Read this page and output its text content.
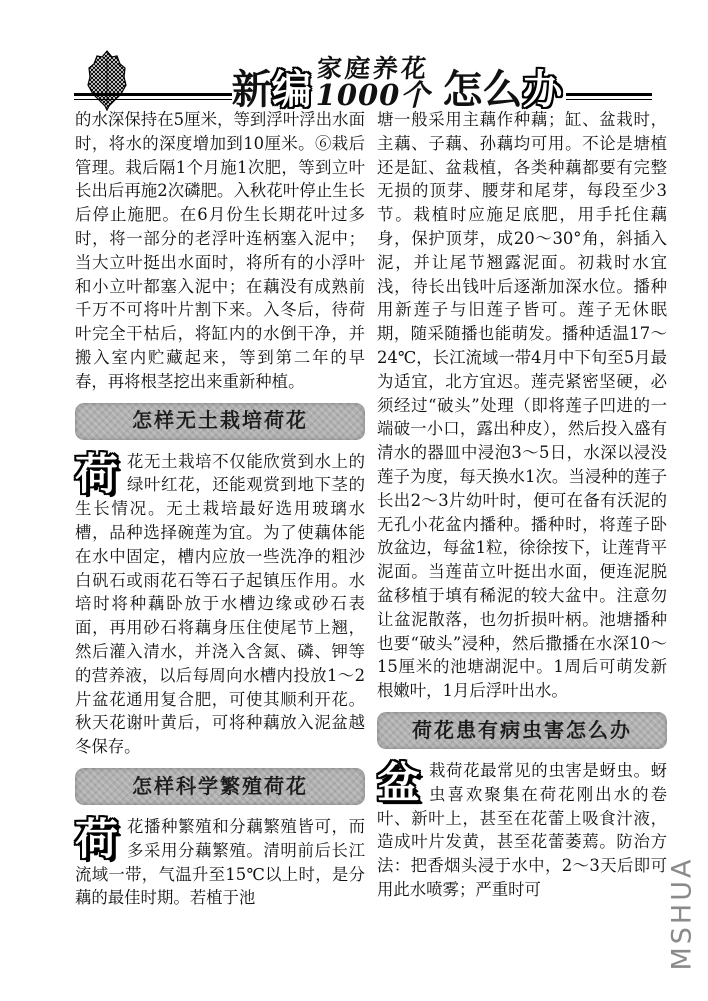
新 编 家庭养花
1000个 怎么 办

的水深保持在5厘米，等到浮叶浮出水面时，将水的深度增加到10厘米。⑥栽后管理。栽后隔1个月施1次肥，等到立叶长出后再施2次磷肥。入秋花叶停止生长后停止施肥。在6月份生长期花叶过多时，将一部分的老浮叶连柄塞入泥中；当大立叶挺出水面时，将所有的小浮叶和小立叶都塞入泥中；在藕没有成熟前千万不可将叶片割下来。入冬后，待荷叶完全干枯后，将缸内的水倒干净，并搬入室内贮藏起来，等到第二年的早春，再将根茎挖出来重新种植。

怎样无土栽培荷花

荷花无土栽培不仅能欣赏到水上的绿叶红花，还能观赏到地下茎的生长情况。无土栽培最好选用玻璃水槽，品种选择碗莲为宜。为了使藕体能在水中固定，槽内应放一些洗净的粗沙白矾石或雨花石等石子起镇压作用。水培时将种藕卧放于水槽边缘或砂石表面，再用砂石将藕身压住使尾节上翘，然后灌入清水，并浇入含氮、磷、钾等的营养液，以后每周向水槽内投放1～2片盆花通用复合肥，可使其顺利开花。秋天花谢叶黄后，可将种藕放入泥盆越冬保存。

怎样科学繁殖荷花

荷花播种繁殖和分藕繁殖皆可，而多采用分藕繁殖。清明前后长江流域一带，气温升至15℃以上时，是分藕的最佳时期。若植于池

塘一般采用主藕作种藕；缸、盆栽时，主藕、子藕、孙藕均可用。不论是塘植还是缸、盆栽植，各类种藕都要有完整无损的顶芽、腰芽和尾芽，每段至少3节。栽植时应施足底肥，用手托住藕身，保护顶芽，成20～30°角，斜插入泥，并让尾节翘露泥面。初栽时水宜浅，待长出钱叶后逐渐加深水位。播种用新莲子与旧莲子皆可。莲子无休眠期，随采随播也能萌发。播种适温17～24℃，长江流域一带4月中下旬至5月最为适宜，北方宜迟。莲壳紧密坚硬，必须经过“破头”处理（即将莲子凹进的一端破一小口，露出种皮），然后投入盛有清水的器皿中浸泡3～5日，水深以浸没莲子为度，每天换水1次。当浸种的莲子长出2～3片幼叶时，便可在备有沃泥的无孔小花盆内播种。播种时，将莲子卧放盆边，每盆1粒，徐徐按下，让莲背平泥面。当莲苗立叶挺出水面，便连泥脱盆移植于填有稀泥的较大盆中。注意勿让盆泥散落，也勿折损叶柄。池塘播种也要“破头”浸种，然后撒播在水深10～15厘米的池塘湖泥中。1周后可萌发新根嫩叶，1月后浮叶出水。

荷花患有病虫害怎么办

盆栽荷花最常见的虫害是蚜虫。蚜虫喜欢聚集在荷花刚出水的卷叶、新叶上，甚至在花蕾上吸食汁液，造成叶片发黄，甚至花蕾萎蔫。防治方法：把香烟头浸于水中，2～3天后即可用此水喷雾；严重时可	MSHUA
